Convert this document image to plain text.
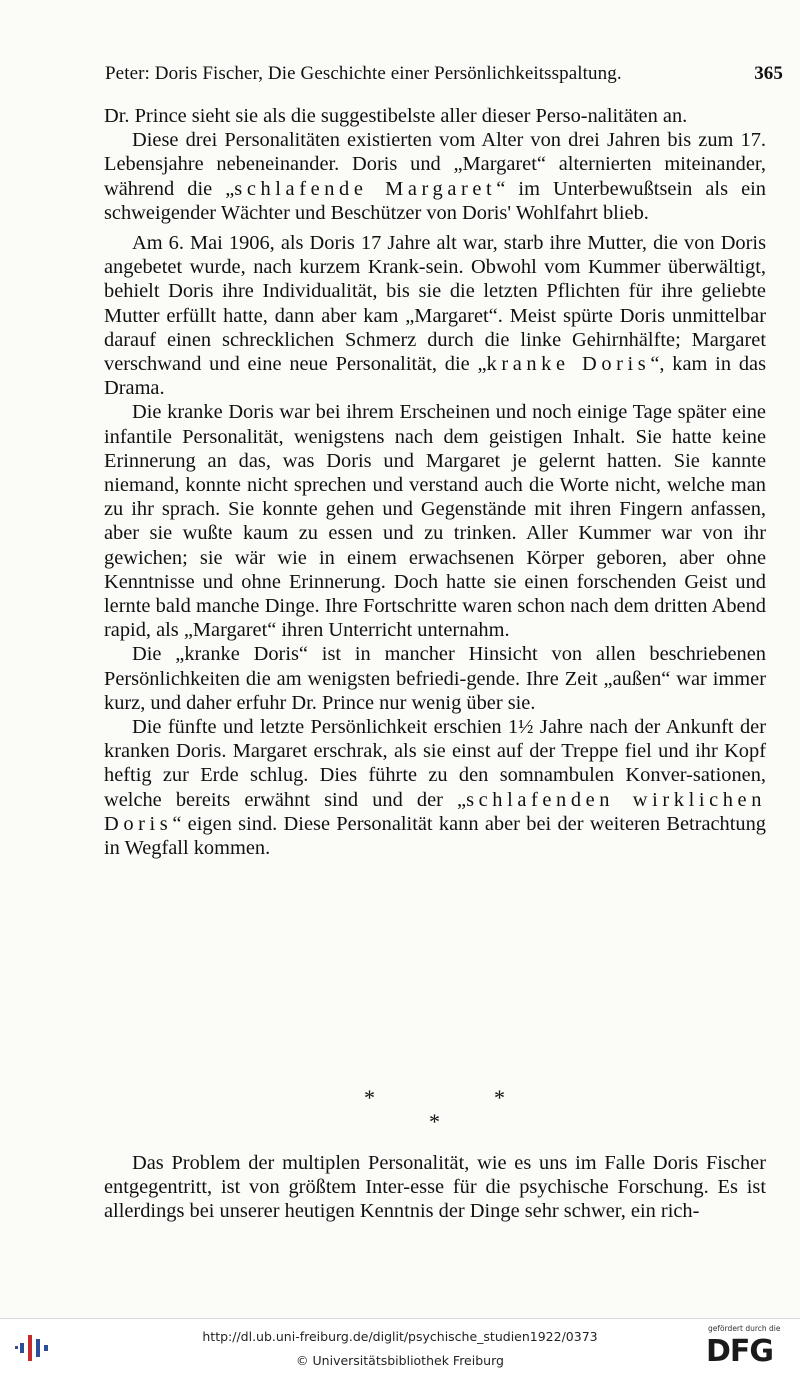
Peter: Doris Fischer, Die Geschichte einer Persönlichkeitsspaltung.	365

Dr. Prince sieht sie als die suggestibelste aller dieser Perso-nalitäten an.

Diese drei Personalitäten existierten vom Alter von drei Jahren bis zum 17. Lebensjahre nebeneinander. Doris und „Margaret“ alternierten miteinander, während die „schlafende Margaret“ im Unterbewußtsein als ein schweigender Wächter und Beschützer von Doris' Wohlfahrt blieb.

Am 6. Mai 1906, als Doris 17 Jahre alt war, starb ihre Mutter, die von Doris angebetet wurde, nach kurzem Krank-sein. Obwohl vom Kummer überwältigt, behielt Doris ihre Individualität, bis sie die letzten Pflichten für ihre geliebte Mutter erfüllt hatte, dann aber kam „Margaret“. Meist spürte Doris unmittelbar darauf einen schrecklichen Schmerz durch die linke Gehirnhälfte; Margaret verschwand und eine neue Personalität, die „kranke Doris“, kam in das Drama.

Die kranke Doris war bei ihrem Erscheinen und noch einige Tage später eine infantile Personalität, wenigstens nach dem geistigen Inhalt. Sie hatte keine Erinnerung an das, was Doris und Margaret je gelernt hatten. Sie kannte niemand, konnte nicht sprechen und verstand auch die Worte nicht, welche man zu ihr sprach. Sie konnte gehen und Gegenstände mit ihren Fingern anfassen, aber sie wußte kaum zu essen und zu trinken. Aller Kummer war von ihr gewichen; sie wär wie in einem erwachsenen Körper geboren, aber ohne Kenntnisse und ohne Erinnerung. Doch hatte sie einen forschenden Geist und lernte bald manche Dinge. Ihre Fortschritte waren schon nach dem dritten Abend rapid, als „Margaret“ ihren Unterricht unternahm.

Die „kranke Doris“ ist in mancher Hinsicht von allen beschriebenen Persönlichkeiten die am wenigsten befriedi-gende. Ihre Zeit „außen“ war immer kurz, und daher erfuhr Dr. Prince nur wenig über sie.

Die fünfte und letzte Persönlichkeit erschien 1½ Jahre nach der Ankunft der kranken Doris. Margaret erschrak, als sie einst auf der Treppe fiel und ihr Kopf heftig zur Erde schlug. Dies führte zu den somnambulen Konver-sationen, welche bereits erwähnt sind und der „schlafenden wirklichen Doris“ eigen sind. Diese Personalität kann aber bei der weiteren Betrachtung in Wegfall kommen.

*	*
*

Das Problem der multiplen Personalität, wie es uns im Falle Doris Fischer entgegentritt, ist von größtem Inter-esse für die psychische Forschung. Es ist allerdings bei unserer heutigen Kenntnis der Dinge sehr schwer, ein rich-

http://dl.ub.uni-freiburg.de/diglit/psychische_studien1922/0373
© Universitätsbibliothek Freiburg
gefördert durch die
DFG
